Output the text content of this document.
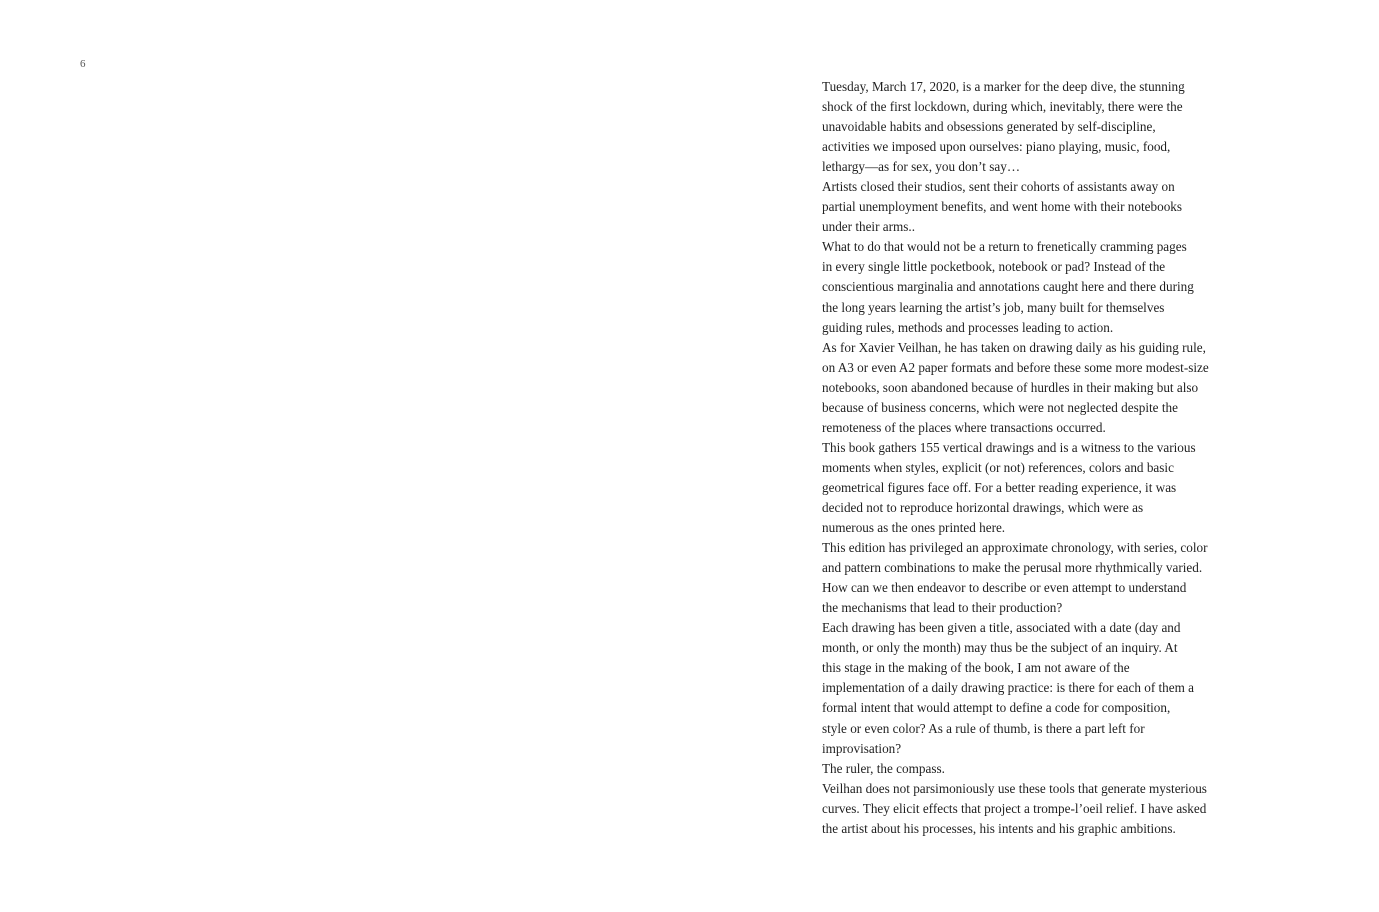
6
Tuesday, March 17, 2020, is a marker for the deep dive, the stunning
shock of the first lockdown, during which, inevitably, there were the
unavoidable habits and obsessions generated by self-discipline,
activities we imposed upon ourselves: piano playing, music, food,
lethargy—as for sex, you don’t say…
Artists closed their studios, sent their cohorts of assistants away on
partial unemployment benefits, and went home with their notebooks
under their arms..
What to do that would not be a return to frenetically cramming pages
in every single little pocketbook, notebook or pad? Instead of the
conscientious marginalia and annotations caught here and there during
the long years learning the artist’s job, many built for themselves
guiding rules, methods and processes leading to action.
As for Xavier Veilhan, he has taken on drawing daily as his guiding rule,
on A3 or even A2 paper formats and before these some more modest-size
notebooks, soon abandoned because of hurdles in their making but also
because of business concerns, which were not neglected despite the
remoteness of the places where transactions occurred.
This book gathers 155 vertical drawings and is a witness to the various
moments when styles, explicit (or not) references, colors and basic
geometrical figures face off. For a better reading experience, it was
decided not to reproduce horizontal drawings, which were as
numerous as the ones printed here.
This edition has privileged an approximate chronology, with series, color
and pattern combinations to make the perusal more rhythmically varied.
How can we then endeavor to describe or even attempt to understand
the mechanisms that lead to their production?
Each drawing has been given a title, associated with a date (day and
month, or only the month) may thus be the subject of an inquiry. At
this stage in the making of the book, I am not aware of the
implementation of a daily drawing practice: is there for each of them a
formal intent that would attempt to define a code for composition,
style or even color? As a rule of thumb, is there a part left for
improvisation?
The ruler, the compass.
Veilhan does not parsimoniously use these tools that generate mysterious
curves. They elicit effects that project a trompe-l’oeil relief. I have asked
the artist about his processes, his intents and his graphic ambitions.
